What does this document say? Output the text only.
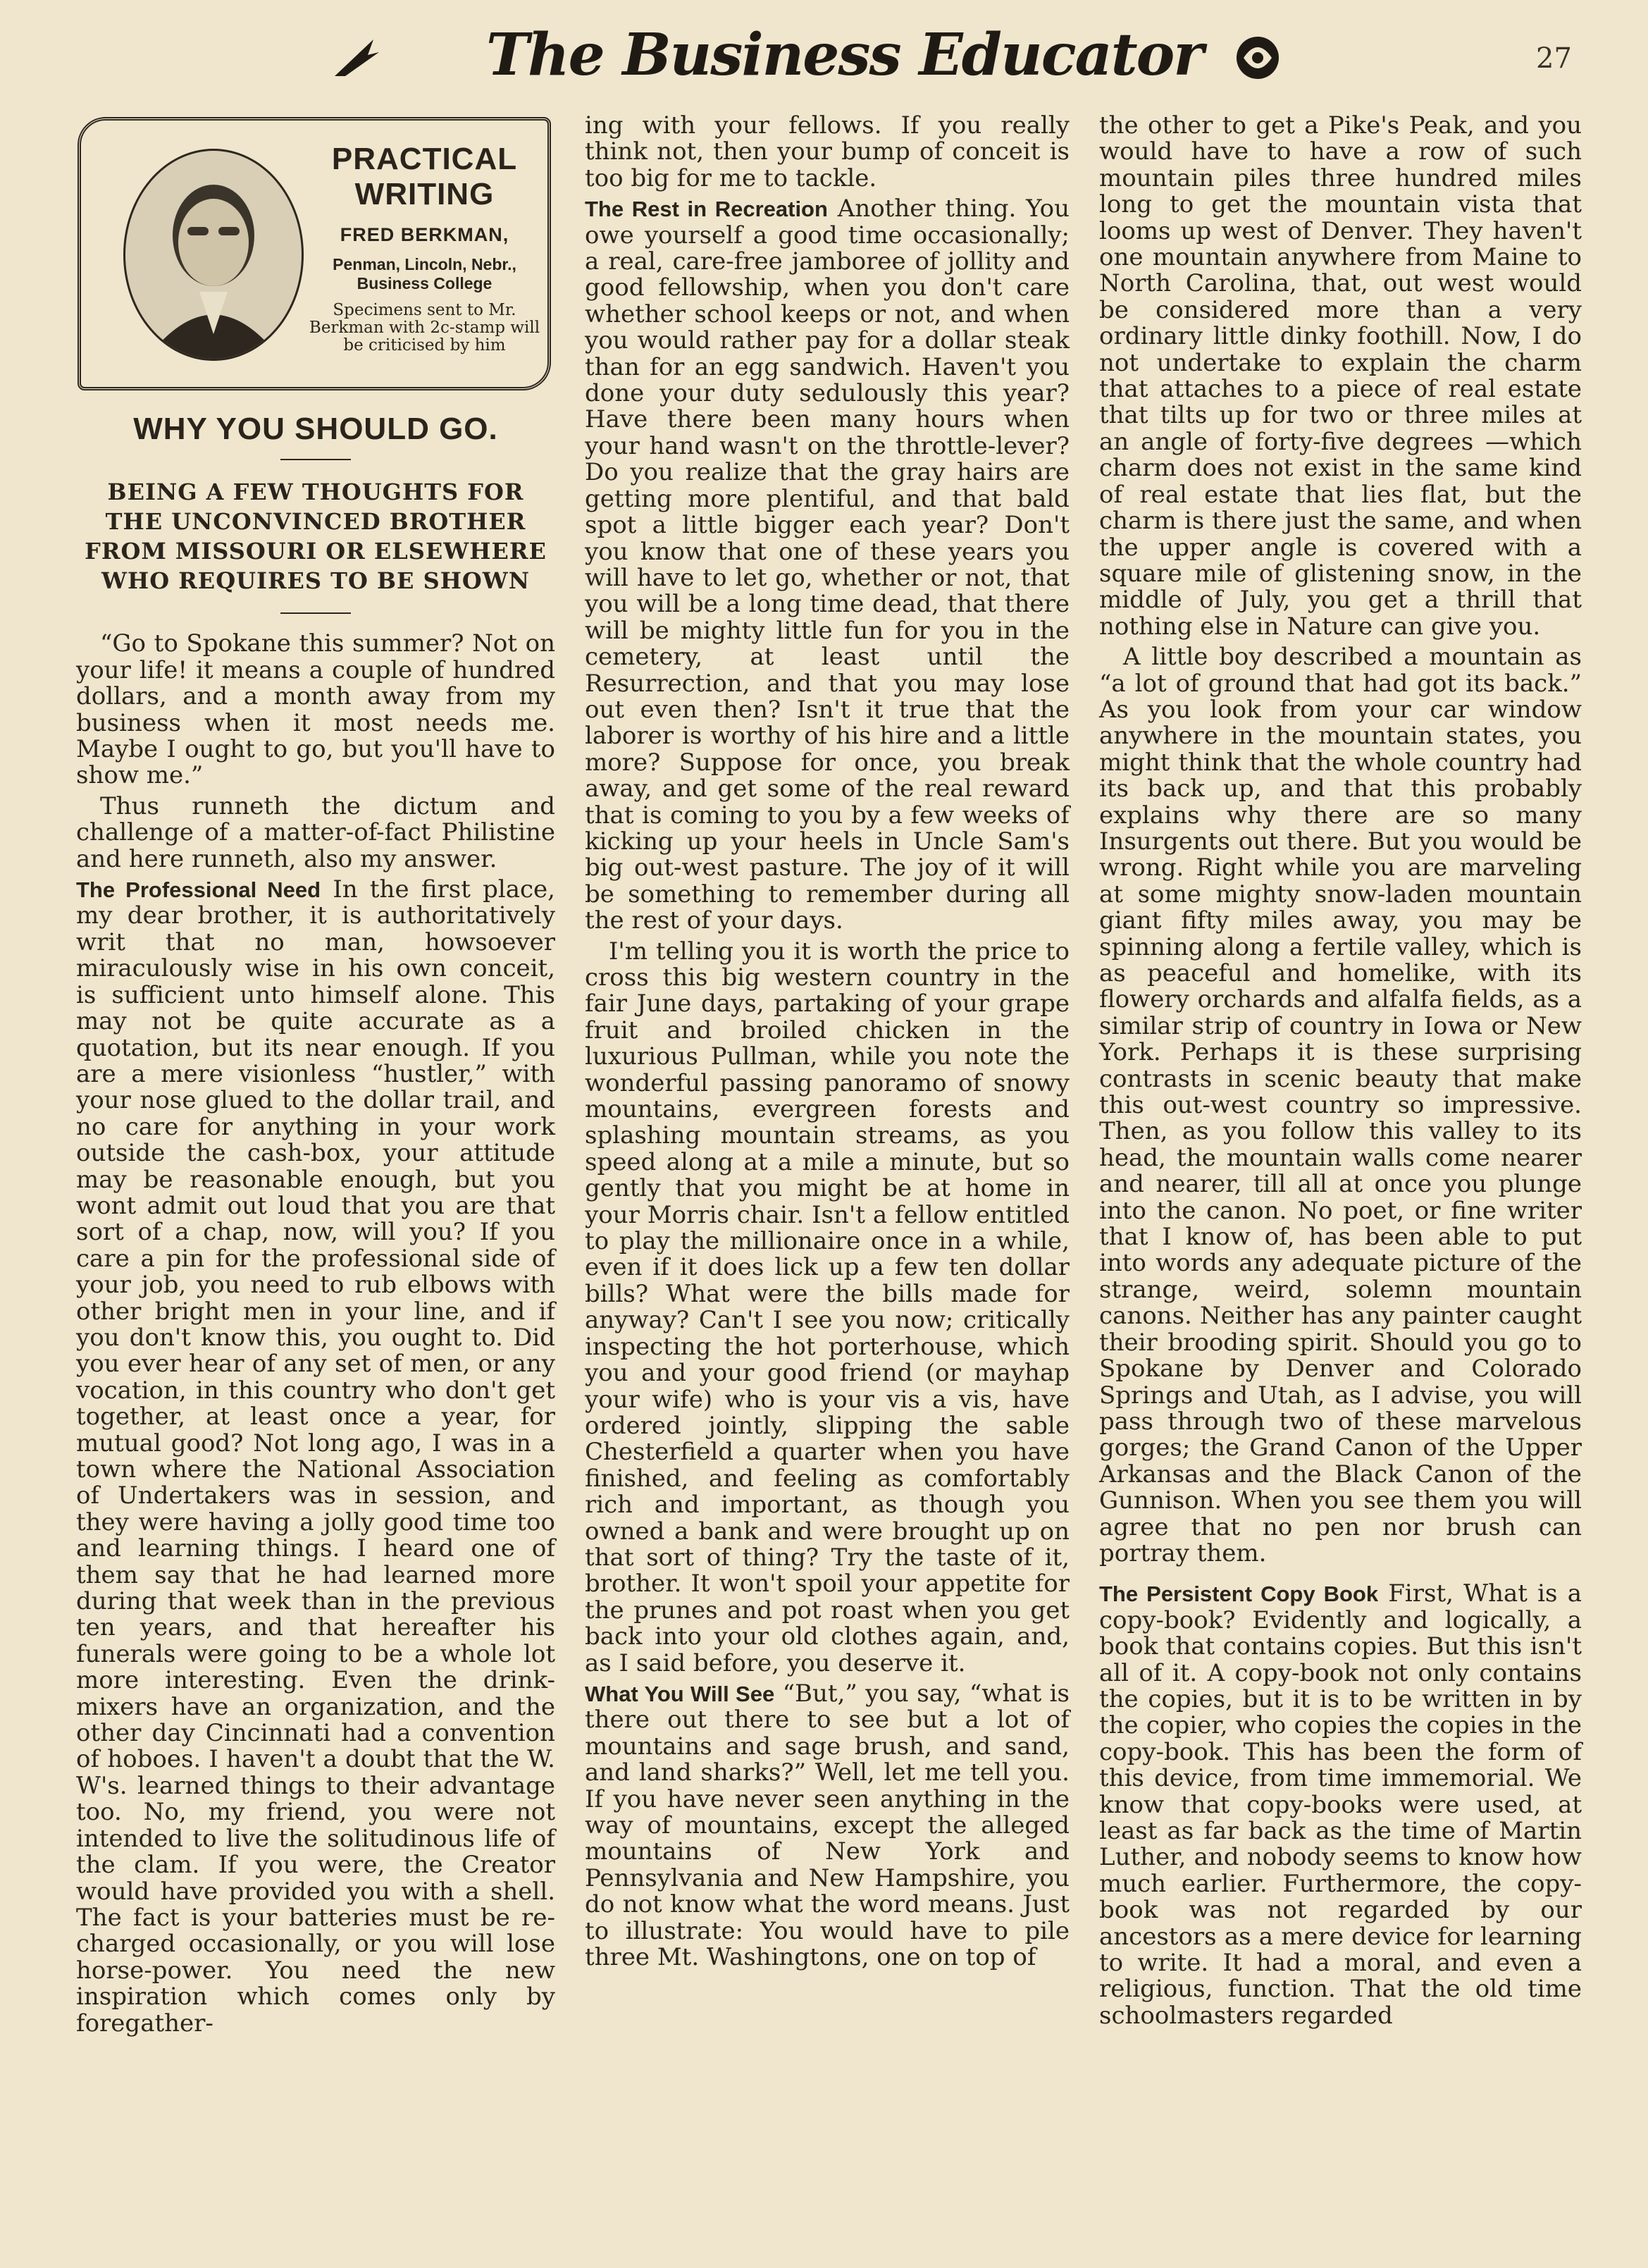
The Business Educator	27
PRACTICAL WRITING
FRED BERKMAN,
Penman, Lincoln, Nebr., Business College
Specimens sent to Mr. Berkman with 2c-stamp will be criticised by him
WHY YOU SHOULD GO.
BEING A FEW THOUGHTS FOR THE UNCONVINCED BROTHER FROM MISSOURI OR ELSEWHERE WHO REQUIRES TO BE SHOWN

“Go to Spokane this summer? Not on your life! it means a couple of hundred dollars, and a month away from my business when it most needs me. Maybe I ought to go, but you'll have to show me.”

Thus runneth the dictum and challenge of a matter-of-fact Philistine and here runneth, also my answer.

The Professional Need In the first place, my dear brother, it is authoritatively writ that no man, howsoever miraculously wise in his own conceit, is sufficient unto himself alone. This may not be quite accurate as a quotation, but its near enough. If you are a mere visionless “hustler,” with your nose glued to the dollar trail, and no care for anything in your work outside the cash-box, your attitude may be reasonable enough, but you wont admit out loud that you are that sort of a chap, now, will you? If you care a pin for the professional side of your job, you need to rub elbows with other bright men in your line, and if you don't know this, you ought to. Did you ever hear of any set of men, or any vocation, in this country who don't get together, at least once a year, for mutual good? Not long ago, I was in a town where the National Association of Undertakers was in session, and they were having a jolly good time too and learning things. I heard one of them say that he had learned more during that week than in the previous ten years, and that hereafter his funerals were going to be a whole lot more interesting. Even the drink-mixers have an organization, and the other day Cincinnati had a convention of hoboes. I haven't a doubt that the W. W's. learned things to their advantage too. No, my friend, you were not intended to live the solitudinous life of the clam. If you were, the Creator would have provided you with a shell. The fact is your batteries must be re-charged occasionally, or you will lose horse-power. You need the new inspiration which comes only by foregather-

ing with your fellows. If you really think not, then your bump of conceit is too big for me to tackle.

The Rest in Recreation Another thing. You owe yourself a good time occasionally; a real, care-free jamboree of jollity and good fellowship, when you don't care whether school keeps or not, and when you would rather pay for a dollar steak than for an egg sandwich. Haven't you done your duty sedulously this year? Have there been many hours when your hand wasn't on the throttle-lever? Do you realize that the gray hairs are getting more plentiful, and that bald spot a little bigger each year? Don't you know that one of these years you will have to let go, whether or not, that you will be a long time dead, that there will be mighty little fun for you in the cemetery, at least until the Resurrection, and that you may lose out even then? Isn't it true that the laborer is worthy of his hire and a little more? Suppose for once, you break away, and get some of the real reward that is coming to you by a few weeks of kicking up your heels in Uncle Sam's big out-west pasture. The joy of it will be something to remember during all the rest of your days.

I'm telling you it is worth the price to cross this big western country in the fair June days, partaking of your grape fruit and broiled chicken in the luxurious Pullman, while you note the wonderful passing panoramo of snowy mountains, evergreen forests and splashing mountain streams, as you speed along at a mile a minute, but so gently that you might be at home in your Morris chair. Isn't a fellow entitled to play the millionaire once in a while, even if it does lick up a few ten dollar bills? What were the bills made for anyway? Can't I see you now; critically inspecting the hot porterhouse, which you and your good friend (or mayhap your wife) who is your vis a vis, have ordered jointly, slipping the sable Chesterfield a quarter when you have finished, and feeling as comfortably rich and important, as though you owned a bank and were brought up on that sort of thing? Try the taste of it, brother. It won't spoil your appetite for the prunes and pot roast when you get back into your old clothes again, and, as I said before, you deserve it.

What You Will See “But,” you say, “what is there out there to see but a lot of mountains and sage brush, and sand, and land sharks?” Well, let me tell you. If you have never seen anything in the way of mountains, except the alleged mountains of New York and Pennsylvania and New Hampshire, you do not know what the word means. Just to illustrate: You would have to pile three Mt. Washingtons, one on top of

the other to get a Pike's Peak, and you would have to have a row of such mountain piles three hundred miles long to get the mountain vista that looms up west of Denver. They haven't one mountain anywhere from Maine to North Carolina, that, out west would be considered more than a very ordinary little dinky foothill. Now, I do not undertake to explain the charm that attaches to a piece of real estate that tilts up for two or three miles at an angle of forty-five degrees —which charm does not exist in the same kind of real estate that lies flat, but the charm is there just the same, and when the upper angle is covered with a square mile of glistening snow, in the middle of July, you get a thrill that nothing else in Nature can give you.

A little boy described a mountain as “a lot of ground that had got its back.” As you look from your car window anywhere in the mountain states, you might think that the whole country had its back up, and that this probably explains why there are so many Insurgents out there. But you would be wrong. Right while you are marveling at some mighty snow-laden mountain giant fifty miles away, you may be spinning along a fertile valley, which is as peaceful and homelike, with its flowery orchards and alfalfa fields, as a similar strip of country in Iowa or New York. Perhaps it is these surprising contrasts in scenic beauty that make this out-west country so impressive. Then, as you follow this valley to its head, the mountain walls come nearer and nearer, till all at once you plunge into the canon. No poet, or fine writer that I know of, has been able to put into words any adequate picture of the strange, weird, solemn mountain canons. Neither has any painter caught their brooding spirit. Should you go to Spokane by Denver and Colorado Springs and Utah, as I advise, you will pass through two of these marvelous gorges; the Grand Canon of the Upper Arkansas and the Black Canon of the Gunnison. When you see them you will agree that no pen nor brush can portray them.

The Persistent Copy Book First, What is a copy-book? Evidently and logically, a book that contains copies. But this isn't all of it. A copy-book not only contains the copies, but it is to be written in by the copier, who copies the copies in the copy-book. This has been the form of this device, from time immemorial. We know that copy-books were used, at least as far back as the time of Martin Luther, and nobody seems to know how much earlier. Furthermore, the copy-book was not regarded by our ancestors as a mere device for learning to write. It had a moral, and even a religious, function. That the old time schoolmasters regarded
